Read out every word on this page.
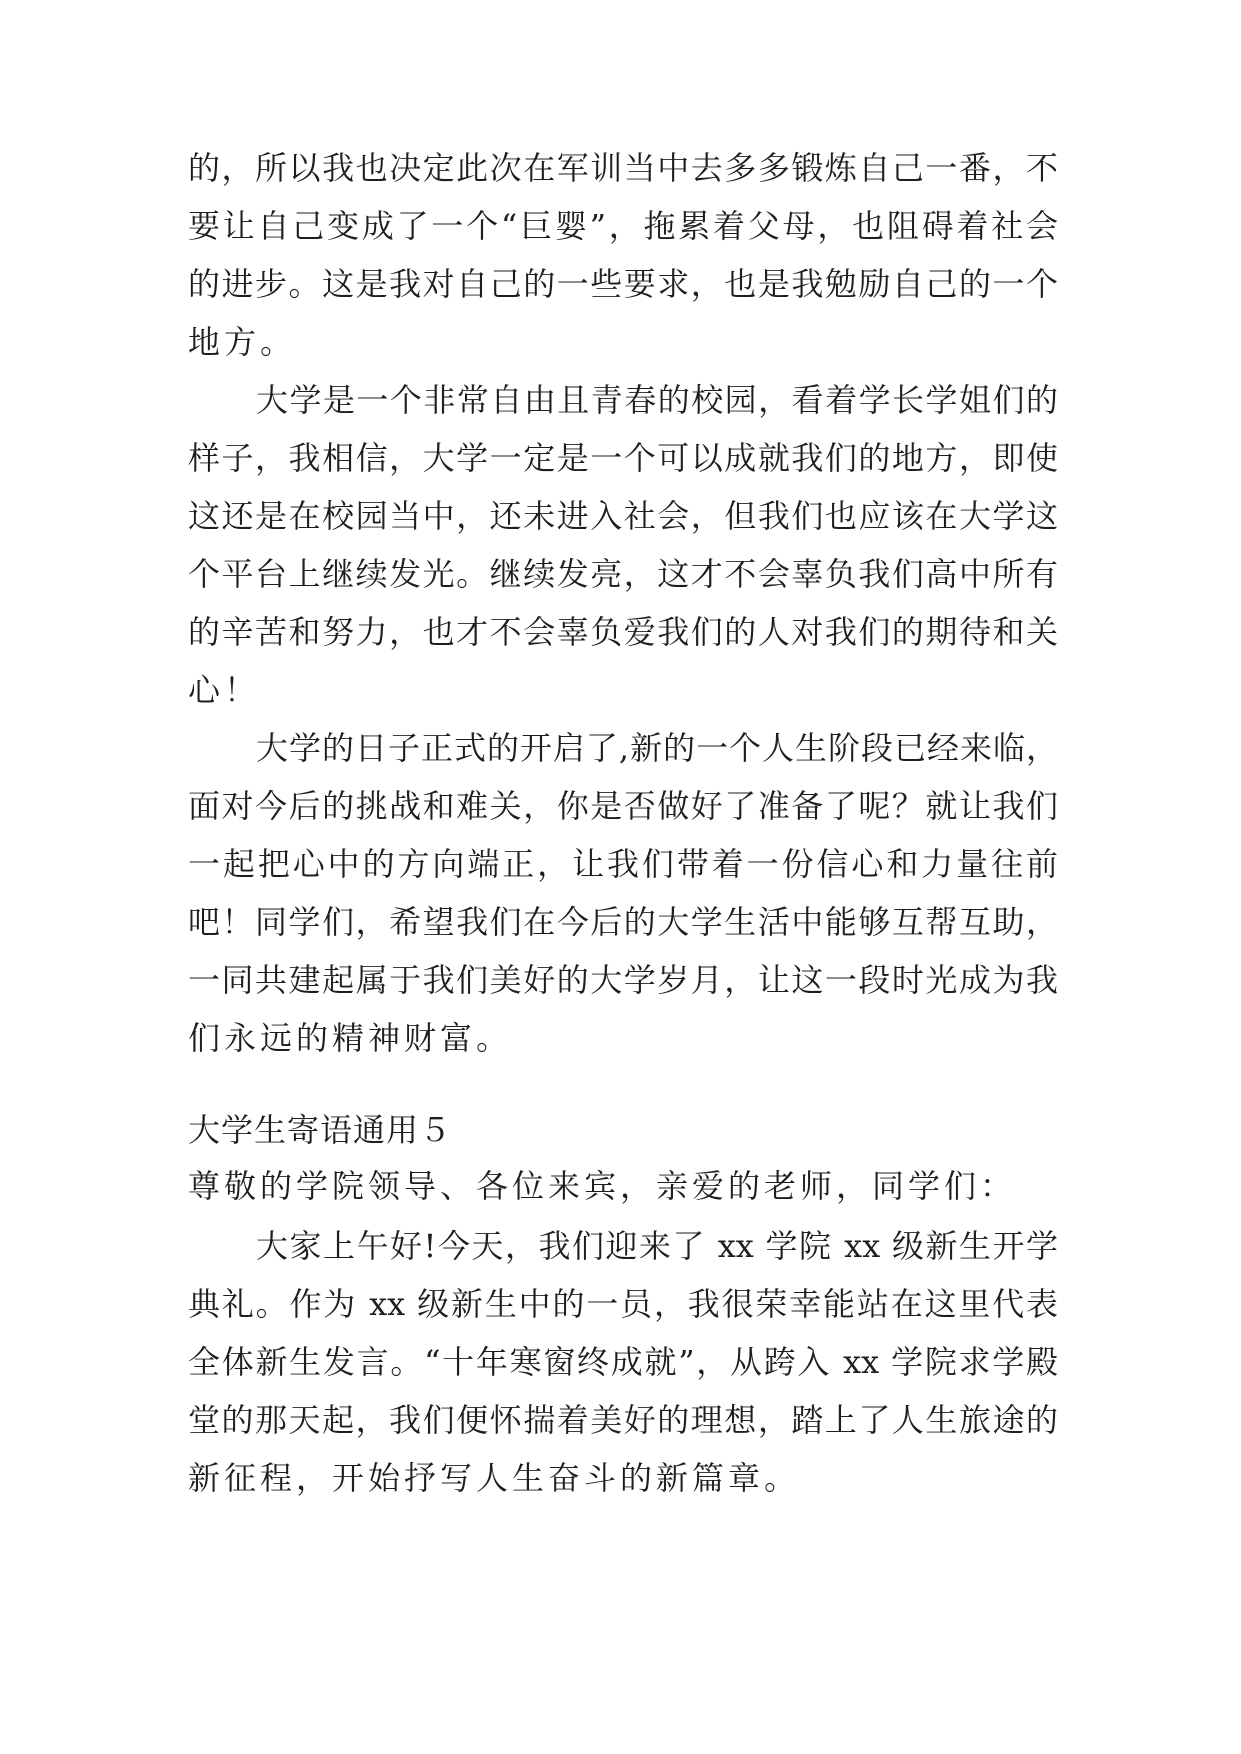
的，所以我也决定此次在军训当中去多多锻炼自己一番，不
要让自己变成了一个“巨婴”，拖累着父母，也阻碍着社会
的进步。这是我对自己的一些要求，也是我勉励自己的一个
地方。
大学是一个非常自由且青春的校园，看着学长学姐们的
样子，我相信，大学一定是一个可以成就我们的地方，即使
这还是在校园当中，还未进入社会，但我们也应该在大学这
个平台上继续发光。继续发亮，这才不会辜负我们高中所有
的辛苦和努力，也才不会辜负爱我们的人对我们的期待和关
心！
大学的日子正式的开启了,新的一个人生阶段已经来临，
面对今后的挑战和难关，你是否做好了准备了呢？就让我们
一起把心中的方向端正，让我们带着一份信心和力量往前
吧！同学们，希望我们在今后的大学生活中能够互帮互助，
一同共建起属于我们美好的大学岁月，让这一段时光成为我
们永远的精神财富。
大学生寄语通用５
尊敬的学院领导、各位来宾，亲爱的老师，同学们：
大家上午好!今天，我们迎来了 xx 学院 xx 级新生开学
典礼。作为 xx 级新生中的一员，我很荣幸能站在这里代表
全体新生发言。“十年寒窗终成就”，从跨入 xx 学院求学殿
堂的那天起，我们便怀揣着美好的理想，踏上了人生旅途的
新征程，开始抒写人生奋斗的新篇章。
